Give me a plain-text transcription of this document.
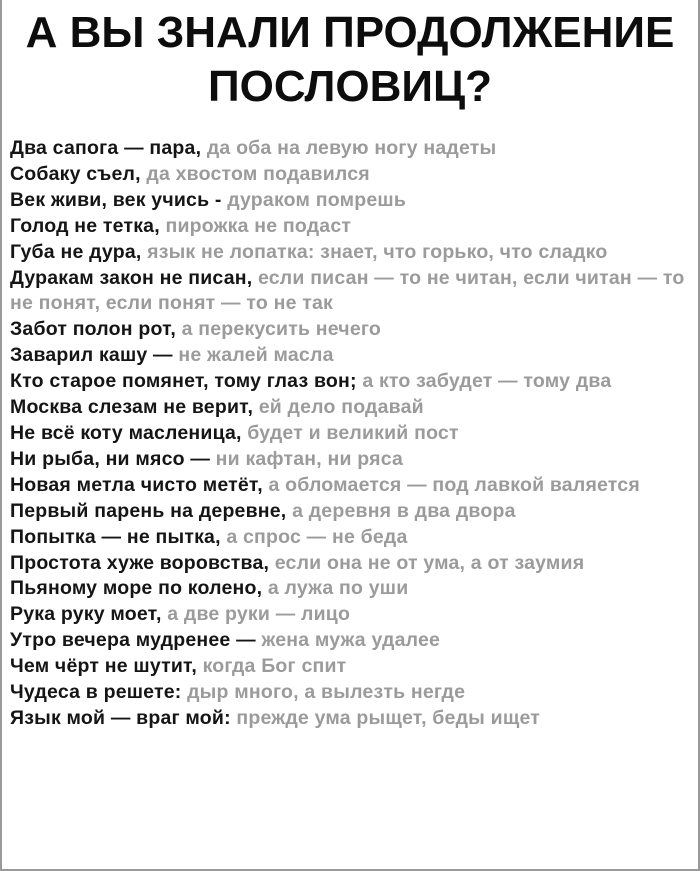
А ВЫ ЗНАЛИ ПРОДОЛЖЕНИЕ
ПОСЛОВИЦ?
Два сапога — пара, да оба на левую ногу надеты
Собаку съел, да хвостом подавился
Век живи, век учись - дураком помрешь
Голод не тетка, пирожка не подаст
Губа не дура, язык не лопатка: знает, что горько, что сладко
Дуракам закон не писан, если писан — то не читан, если читан — то не понят, если понят — то не так
Забот полон рот, а перекусить нечего
Заварил кашу — не жалей масла
Кто старое помянет, тому глаз вон; а кто забудет — тому два
Москва слезам не верит, ей дело подавай
Не всё коту масленица, будет и великий пост
Ни рыба, ни мясо — ни кафтан, ни ряса
Новая метла чисто метёт, а обломается — под лавкой валяется
Первый парень на деревне, а деревня в два двора
Попытка — не пытка, а спрос — не беда
Простота хуже воровства, если она не от ума, а от заумия
Пьяному море по колено, а лужа по уши
Рука руку моет, а две руки — лицо
Утро вечера мудренее — жена мужа удалее
Чем чёрт не шутит, когда Бог спит
Чудеса в решете: дыр много, а вылезть негде
Язык мой — враг мой: прежде ума рыщет, беды ищет
